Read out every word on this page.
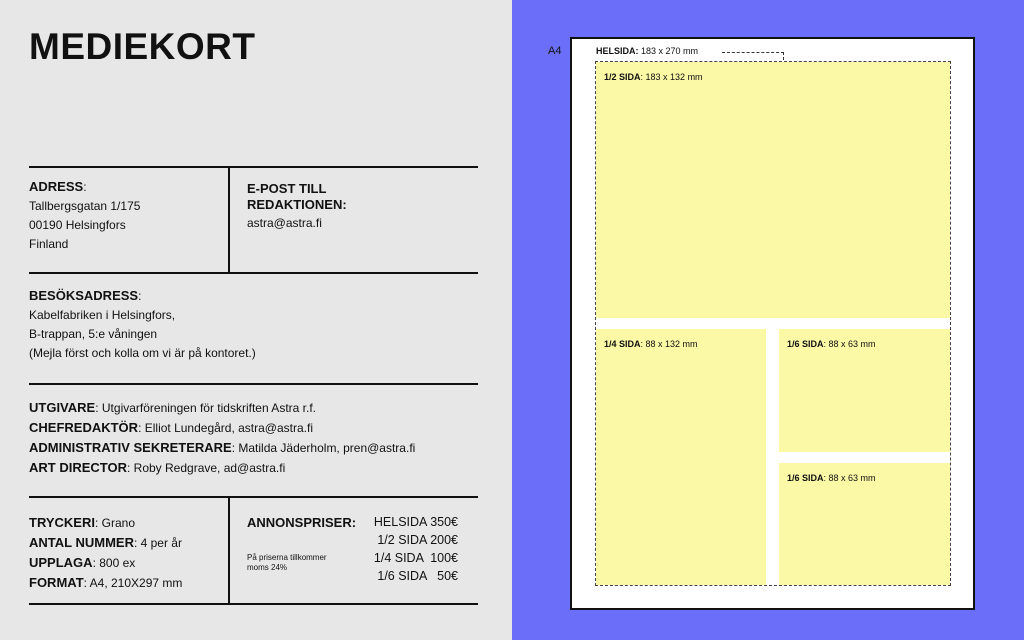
MEDIEKORT
ADRESS:
Tallbergsgatan 1/175
00190 Helsingfors
Finland
E-POST TILL
REDAKTIONEN:
astra@astra.fi
BESÖKSADRESS:
Kabelfabriken i Helsingfors,
B-trappan, 5:e våningen
(Mejla först och kolla om vi är på kontoret.)
UTGIVARE: Utgivarföreningen för tidskriften Astra r.f.
CHEFREDAKTÖR: Elliot Lundegård, astra@astra.fi
ADMINISTRATIV SEKRETERARE: Matilda Jäderholm, pren@astra.fi
ART DIRECTOR: Roby Redgrave, ad@astra.fi
TRYCKERI: Grano
ANTAL NUMMER: 4 per år
UPPLAGA: 800 ex
FORMAT: A4, 210X297 mm
ANNONSPRISER:
På priserna tillkommer
moms 24%
HELSIDA 350€
1/2 SIDA 200€
1/4 SIDA 100€
1/6 SIDA 50€
A4	HELSIDA: 183 x 270 mm
1/2 SIDA: 183 x 132 mm
1/4 SIDA: 88 x 132 mm	1/6 SIDA: 88 x 63 mm
1/6 SIDA: 88 x 63 mm
